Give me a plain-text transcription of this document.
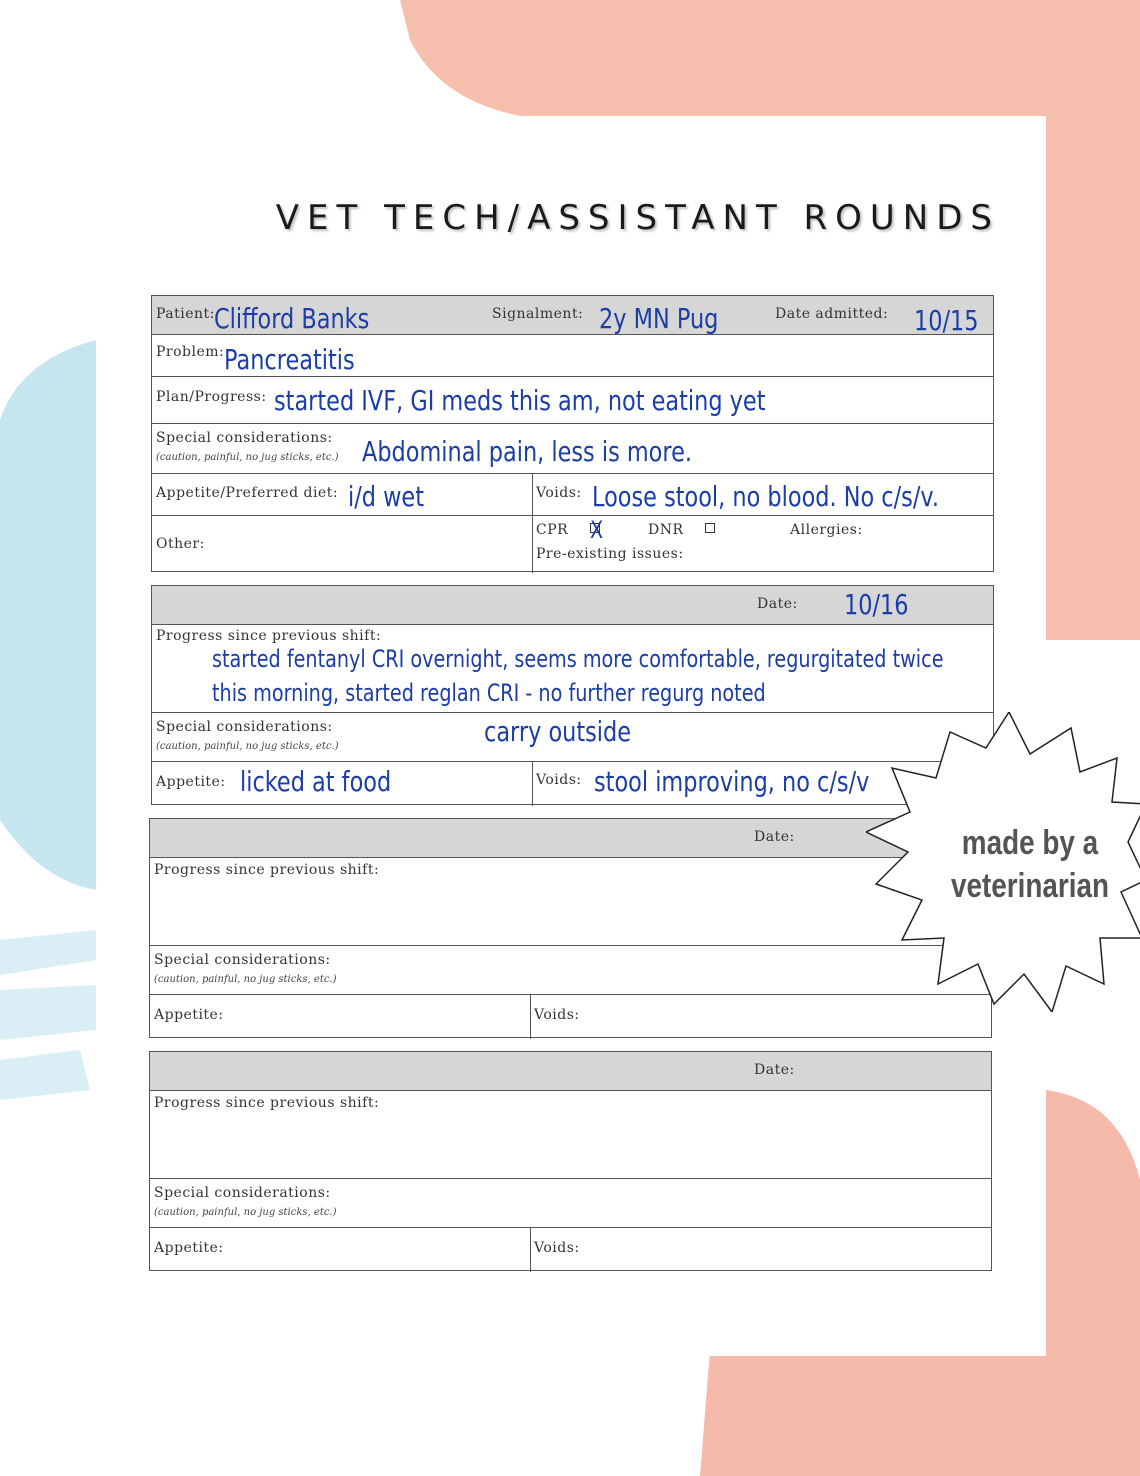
VET TECH/ASSISTANT ROUNDS
Patient: Clifford Banks	Signalment: 2y MN Pug	Date admitted: 10/15
Problem: Pancreatitis
Plan/Progress: started IVF, GI meds this am, not eating yet
Special considerations:
(caution, painful, no jug sticks, etc.) Abdominal pain, less is more.
Appetite/Preferred diet: i/d wet	Voids: Loose stool, no blood. No c/s/v.
Other:
CPR X	DNR	Allergies:
Pre-existing issues:
Date: 10/16
Progress since previous shift:
started fentanyl CRI overnight, seems more comfortable, regurgitated twice
this morning, started reglan CRI - no further regurg noted
Special considerations:
(caution, painful, no jug sticks, etc.)	carry outside
Appetite: licked at food	Voids: stool improving, no c/s/v
Date:
Progress since previous shift:
Special considerations:
(caution, painful, no jug sticks, etc.)
Appetite:	Voids:
Date:
Progress since previous shift:
Special considerations:
(caution, painful, no jug sticks, etc.)
Appetite:	Voids:
made by a
veterinarian
